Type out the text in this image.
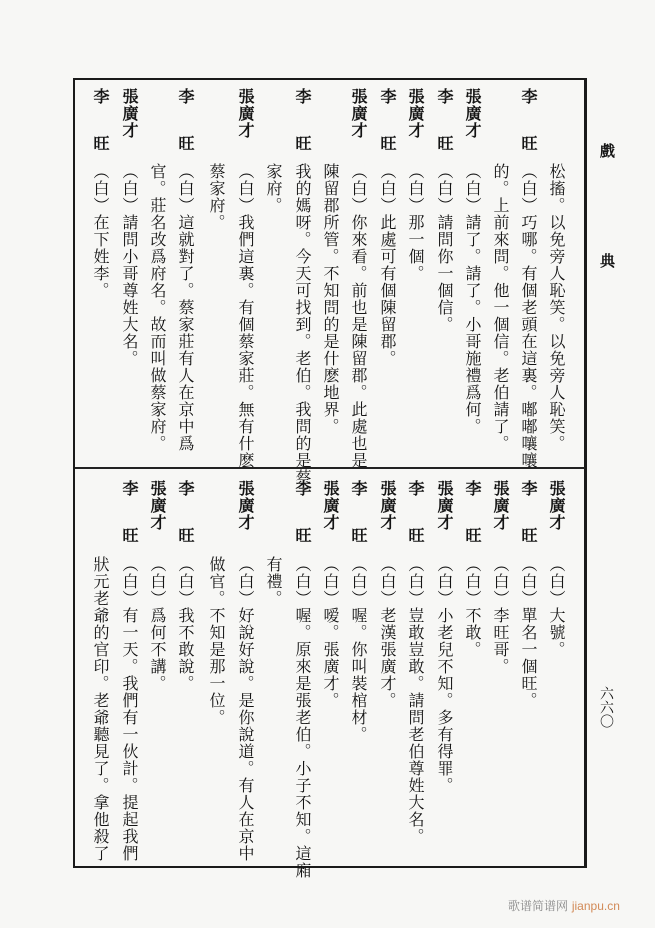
戲
典
六六〇
松搐。以免旁人恥笑。以免旁人恥笑。
李旺
（白）巧哪。有個老頭在這裏。嘟嘟嚷嚷
的。上前來問。他一個信。老伯請了。
張廣才
（白）請了。請了。小哥施禮爲何。
李旺
（白）請問你一個信。
張廣才
（白）那一個。
李旺
（白）此處可有個陳留郡。
張廣才
（白）你來看。前也是陳留郡。此處也是
陳留郡所管。不知問的是什麽地界。
李旺
我的媽呀。今天可找到。老伯。我問的是蔡
家府。
張廣才
（白）我們這裏。有個蔡家莊。無有什麽
蔡家府。
李旺
（白）這就對了。蔡家莊有人在京中爲
官。莊名改爲府名。故而叫做蔡家府。
張廣才
（白）請問小哥尊姓大名。
李旺
（白）在下姓李。
張廣才
（白）大號。
李旺
（白）單名一個旺。
張廣才
（白）李旺哥。
李旺
（白）不敢。
張廣才
（白）小老兒不知。多有得罪。
李旺
（白）豈敢豈敢。請問老伯尊姓大名。
張廣才
（白）老漢張廣才。
李旺
（白）喔。你叫裝棺材。
張廣才
（白）嗳。張廣才。
李旺
（白）喔。原來是張老伯。小子不知。這廂
有禮。
張廣才
（白）好說好說。是你說道。有人在京中
做官。不知是那一位。
李旺
（白）我不敢說。
張廣才
（白）爲何不講。
李旺
（白）有一天。我們有一伙計。提起我們
狀元老爺的官印。老爺聽見了。拿他殺了
歌谱简谱网 jianpu.cn
